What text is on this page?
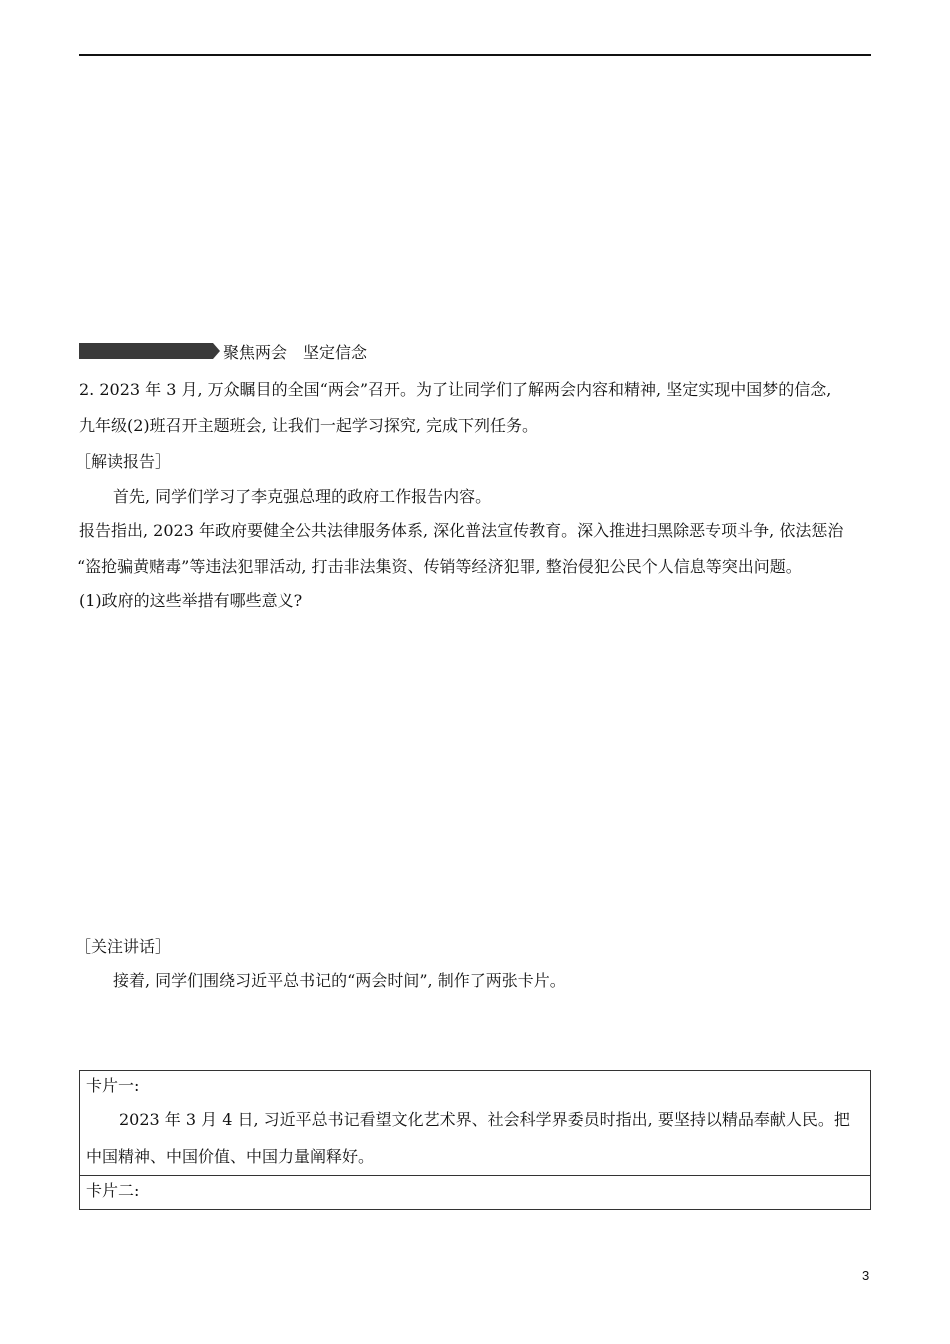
聚焦两会　坚定信念
2. 2023 年 3 月, 万众瞩目的全国“两会”召开。为了让同学们了解两会内容和精神, 坚定实现中国梦的信念,
九年级(2)班召开主题班会, 让我们一起学习探究, 完成下列任务。
［解读报告］
首先, 同学们学习了李克强总理的政府工作报告内容。
报告指出, 2023 年政府要健全公共法律服务体系, 深化普法宣传教育。深入推进扫黑除恶专项斗争, 依法惩治
“盗抢骗黄赌毒”等违法犯罪活动, 打击非法集资、传销等经济犯罪, 整治侵犯公民个人信息等突出问题。
(1)政府的这些举措有哪些意义?
［关注讲话］
接着, 同学们围绕习近平总书记的“两会时间”, 制作了两张卡片。
卡片一:
2023 年 3 月 4 日, 习近平总书记看望文化艺术界、社会科学界委员时指出, 要坚持以精品奉献人民。把
中国精神、中国价值、中国力量阐释好。
卡片二:
3
